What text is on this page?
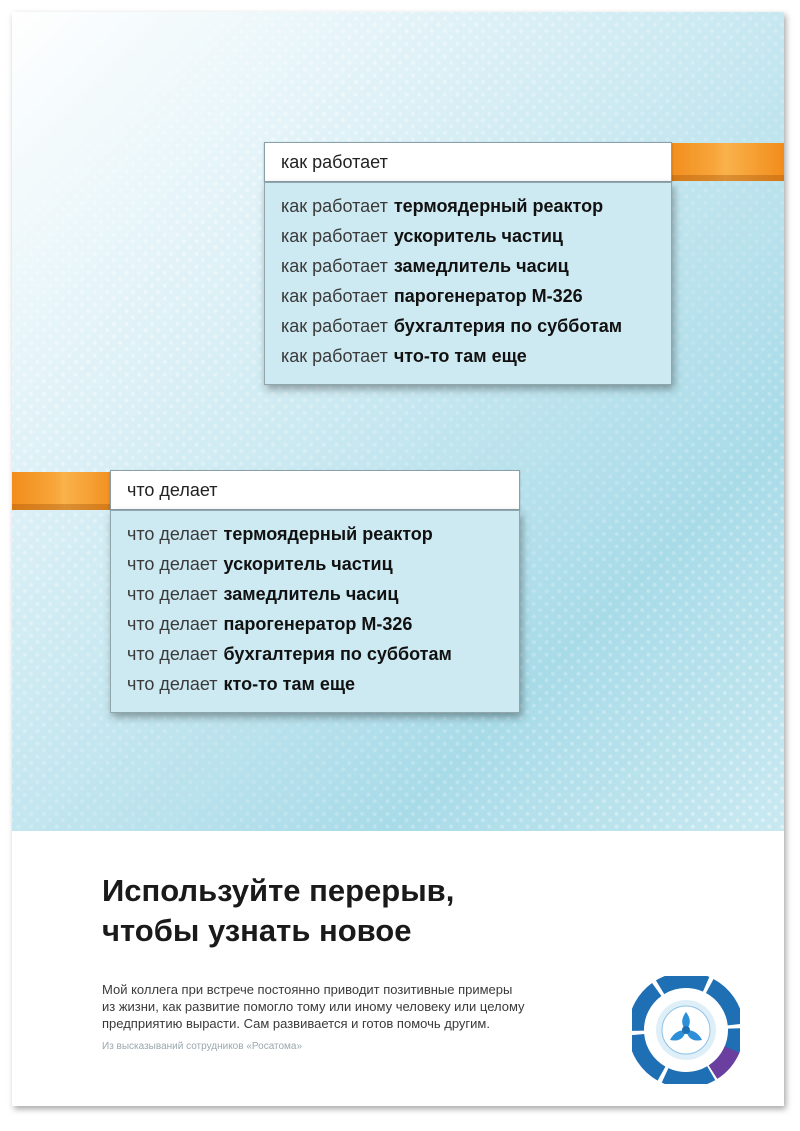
как работает
как работает термоядерный реактор
как работает ускоритель частиц
как работает замедлитель часиц
как работает парогенератор М-326
как работает бухгалтерия по субботам
как работает что-то там еще
что делает
что делает термоядерный реактор
что делает ускоритель частиц
что делает замедлитель часиц
что делает парогенератор М-326
что делает бухгалтерия по субботам
что делает кто-то там еще
Используйте перерыв,
чтобы узнать новое
Мой коллега при встрече постоянно приводит позитивные примеры
из жизни, как развитие помогло тому или иному человеку или целому
предприятию вырасти. Сам развивается и готов помочь другим.
Из высказываний сотрудников «Росатома»
